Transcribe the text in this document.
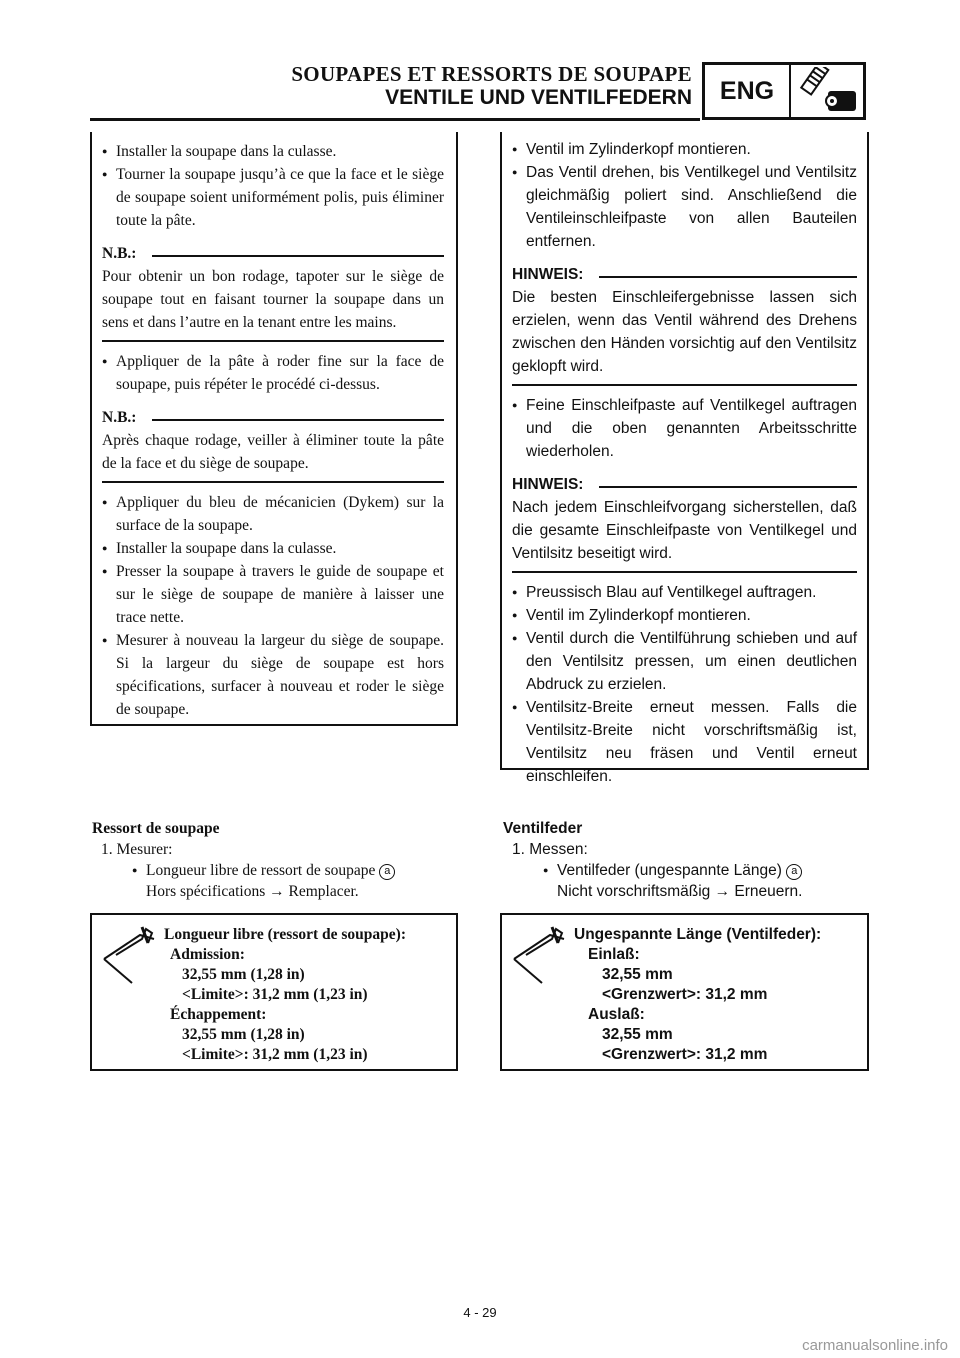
SOUPAPES ET RESSORTS DE SOUPAPE
VENTILE UND VENTILFEDERN	ENG
● Installer la soupape dans la culasse.
● Tourner la soupape jusqu’à ce que la face et le siège de soupape soient uniformément polis, puis éliminer toute la pâte.
N.B.:
Pour obtenir un bon rodage, tapoter sur le siège de soupape tout en faisant tourner la soupape dans un sens et dans l’autre en la tenant entre les mains.
● Appliquer de la pâte à roder fine sur la face de soupape, puis répéter le procédé ci-dessus.
N.B.:
Après chaque rodage, veiller à éliminer toute la pâte de la face et du siège de soupape.
● Appliquer du bleu de mécanicien (Dykem) sur la surface de la soupape.
● Installer la soupape dans la culasse.
● Presser la soupape à travers le guide de soupape et sur le siège de soupape de manière à laisser une trace nette.
● Mesurer à nouveau la largeur du siège de soupape. Si la largeur du siège de soupape est hors spécifications, surfacer à nouveau et roder le siège de soupape.
● Ventil im Zylinderkopf montieren.
● Das Ventil drehen, bis Ventilkegel und Ventilsitz gleichmäßig poliert sind. Anschließend die Ventileinschleifpaste von allen Bauteilen entfernen.
HINWEIS:
Die besten Einschleifergebnisse lassen sich erzielen, wenn das Ventil während des Drehens zwischen den Händen vorsichtig auf den Ventilsitz geklopft wird.
● Feine Einschleifpaste auf Ventilkegel auftragen und die oben genannten Arbeitsschritte wiederholen.
HINWEIS:
Nach jedem Einschleifvorgang sicherstellen, daß die gesamte Einschleifpaste von Ventilkegel und Ventilsitz beseitigt wird.
● Preussisch Blau auf Ventilkegel auftragen.
● Ventil im Zylinderkopf montieren.
● Ventil durch die Ventilführung schieben und auf den Ventilsitz pressen, um einen deutlichen Abdruck zu erzielen.
● Ventilsitz-Breite erneut messen. Falls die Ventilsitz-Breite nicht vorschriftsmäßig ist, Ventilsitz neu fräsen und Ventil erneut einschleifen.
Ressort de soupape
1. Mesurer:
● Longueur libre de ressort de soupape a
Hors spécifications → Remplacer.
Longueur libre (ressort de soupape):
Admission:
32,55 mm (1,28 in)
<Limite>: 31,2 mm (1,23 in)
Échappement:
32,55 mm (1,28 in)
<Limite>: 31,2 mm (1,23 in)
Ventilfeder
1. Messen:
● Ventilfeder (ungespannte Länge) a
Nicht vorschriftsmäßig → Erneuern.
Ungespannte Länge (Ventilfeder):
Einlaß:
32,55 mm
<Grenzwert>: 31,2 mm
Auslaß:
32,55 mm
<Grenzwert>: 31,2 mm
4 - 29
carmanualsonline.info
